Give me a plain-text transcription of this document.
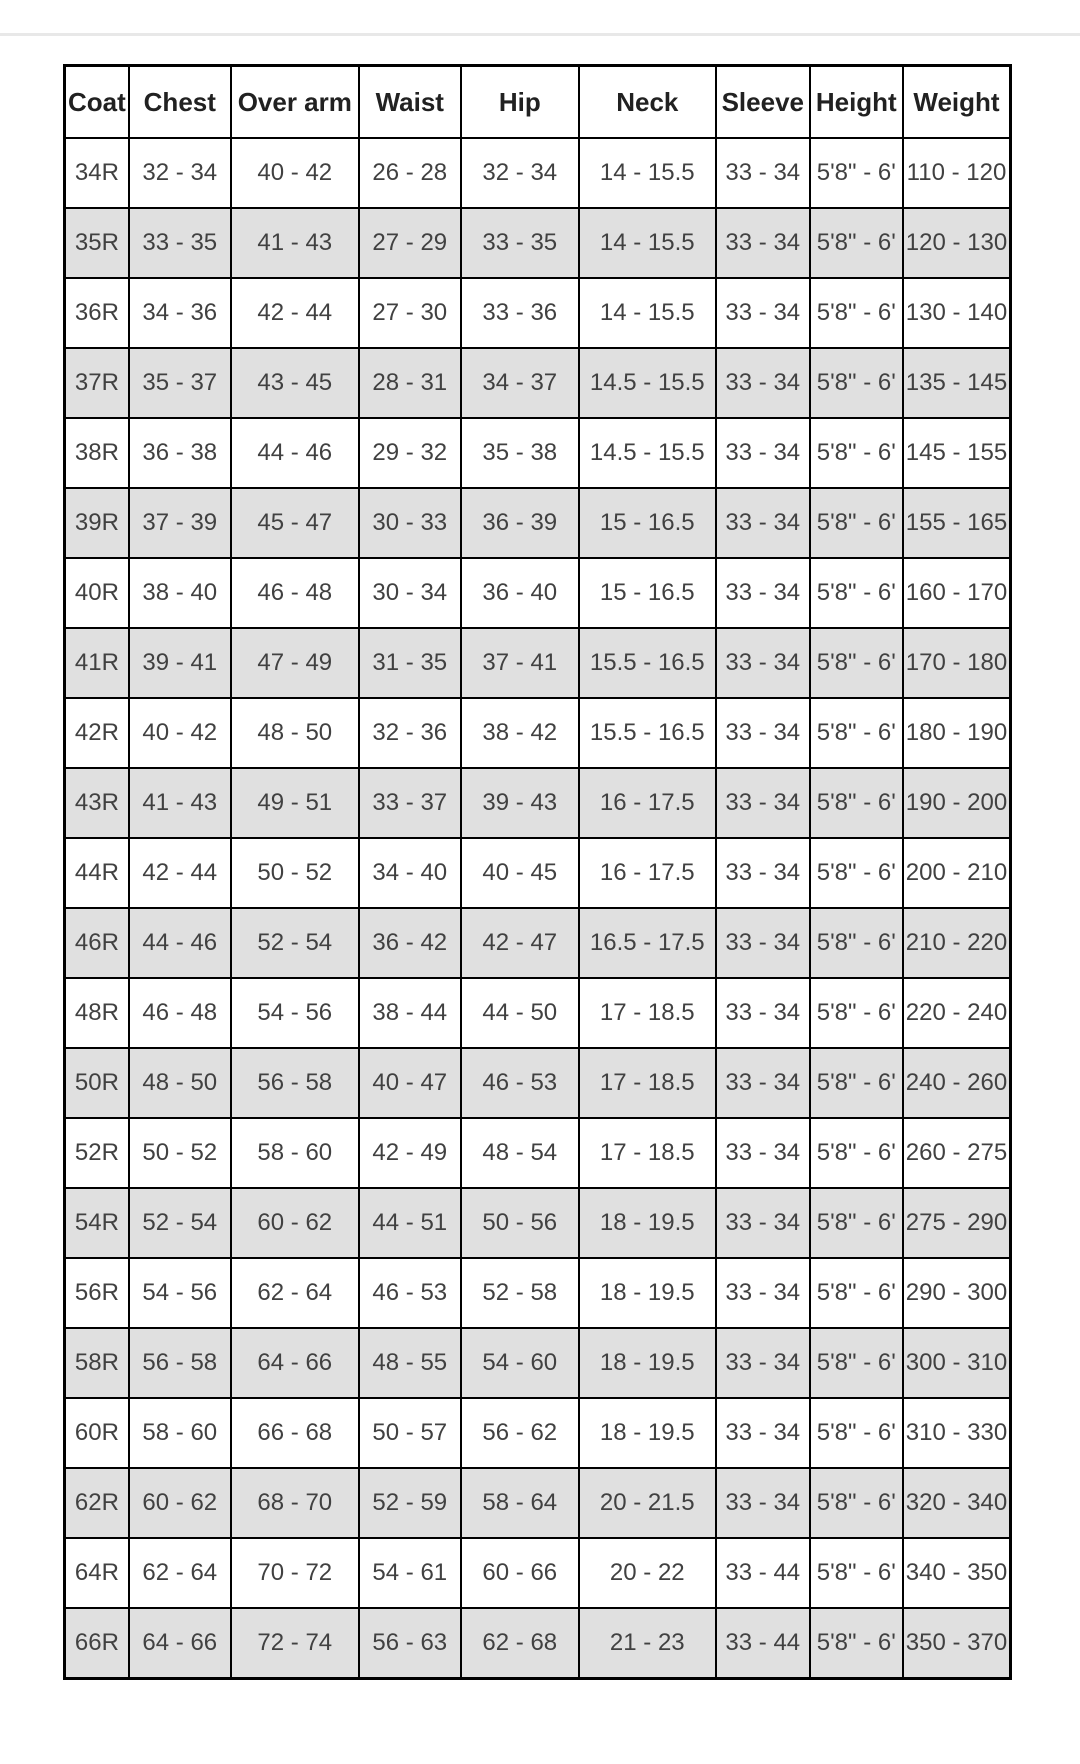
Coat	Chest	Over arm	Waist	Hip	Neck	Sleeve	Height	Weight
34R	32 - 34	40 - 42	26 - 28	32 - 34	14 - 15.5	33 - 34	5'8" - 6'	110 - 120
35R	33 - 35	41 - 43	27 - 29	33 - 35	14 - 15.5	33 - 34	5'8" - 6'	120 - 130
36R	34 - 36	42 - 44	27 - 30	33 - 36	14 - 15.5	33 - 34	5'8" - 6'	130 - 140
37R	35 - 37	43 - 45	28 - 31	34 - 37	14.5 - 15.5	33 - 34	5'8" - 6'	135 - 145
38R	36 - 38	44 - 46	29 - 32	35 - 38	14.5 - 15.5	33 - 34	5'8" - 6'	145 - 155
39R	37 - 39	45 - 47	30 - 33	36 - 39	15 - 16.5	33 - 34	5'8" - 6'	155 - 165
40R	38 - 40	46 - 48	30 - 34	36 - 40	15 - 16.5	33 - 34	5'8" - 6'	160 - 170
41R	39 - 41	47 - 49	31 - 35	37 - 41	15.5 - 16.5	33 - 34	5'8" - 6'	170 - 180
42R	40 - 42	48 - 50	32 - 36	38 - 42	15.5 - 16.5	33 - 34	5'8" - 6'	180 - 190
43R	41 - 43	49 - 51	33 - 37	39 - 43	16 - 17.5	33 - 34	5'8" - 6'	190 - 200
44R	42 - 44	50 - 52	34 - 40	40 - 45	16 - 17.5	33 - 34	5'8" - 6'	200 - 210
46R	44 - 46	52 - 54	36 - 42	42 - 47	16.5 - 17.5	33 - 34	5'8" - 6'	210 - 220
48R	46 - 48	54 - 56	38 - 44	44 - 50	17 - 18.5	33 - 34	5'8" - 6'	220 - 240
50R	48 - 50	56 - 58	40 - 47	46 - 53	17 - 18.5	33 - 34	5'8" - 6'	240 - 260
52R	50 - 52	58 - 60	42 - 49	48 - 54	17 - 18.5	33 - 34	5'8" - 6'	260 - 275
54R	52 - 54	60 - 62	44 - 51	50 - 56	18 - 19.5	33 - 34	5'8" - 6'	275 - 290
56R	54 - 56	62 - 64	46 - 53	52 - 58	18 - 19.5	33 - 34	5'8" - 6'	290 - 300
58R	56 - 58	64 - 66	48 - 55	54 - 60	18 - 19.5	33 - 34	5'8" - 6'	300 - 310
60R	58 - 60	66 - 68	50 - 57	56 - 62	18 - 19.5	33 - 34	5'8" - 6'	310 - 330
62R	60 - 62	68 - 70	52 - 59	58 - 64	20 - 21.5	33 - 34	5'8" - 6'	320 - 340
64R	62 - 64	70 - 72	54 - 61	60 - 66	20 - 22	33 - 44	5'8" - 6'	340 - 350
66R	64 - 66	72 - 74	56 - 63	62 - 68	21 - 23	33 - 44	5'8" - 6'	350 - 370
